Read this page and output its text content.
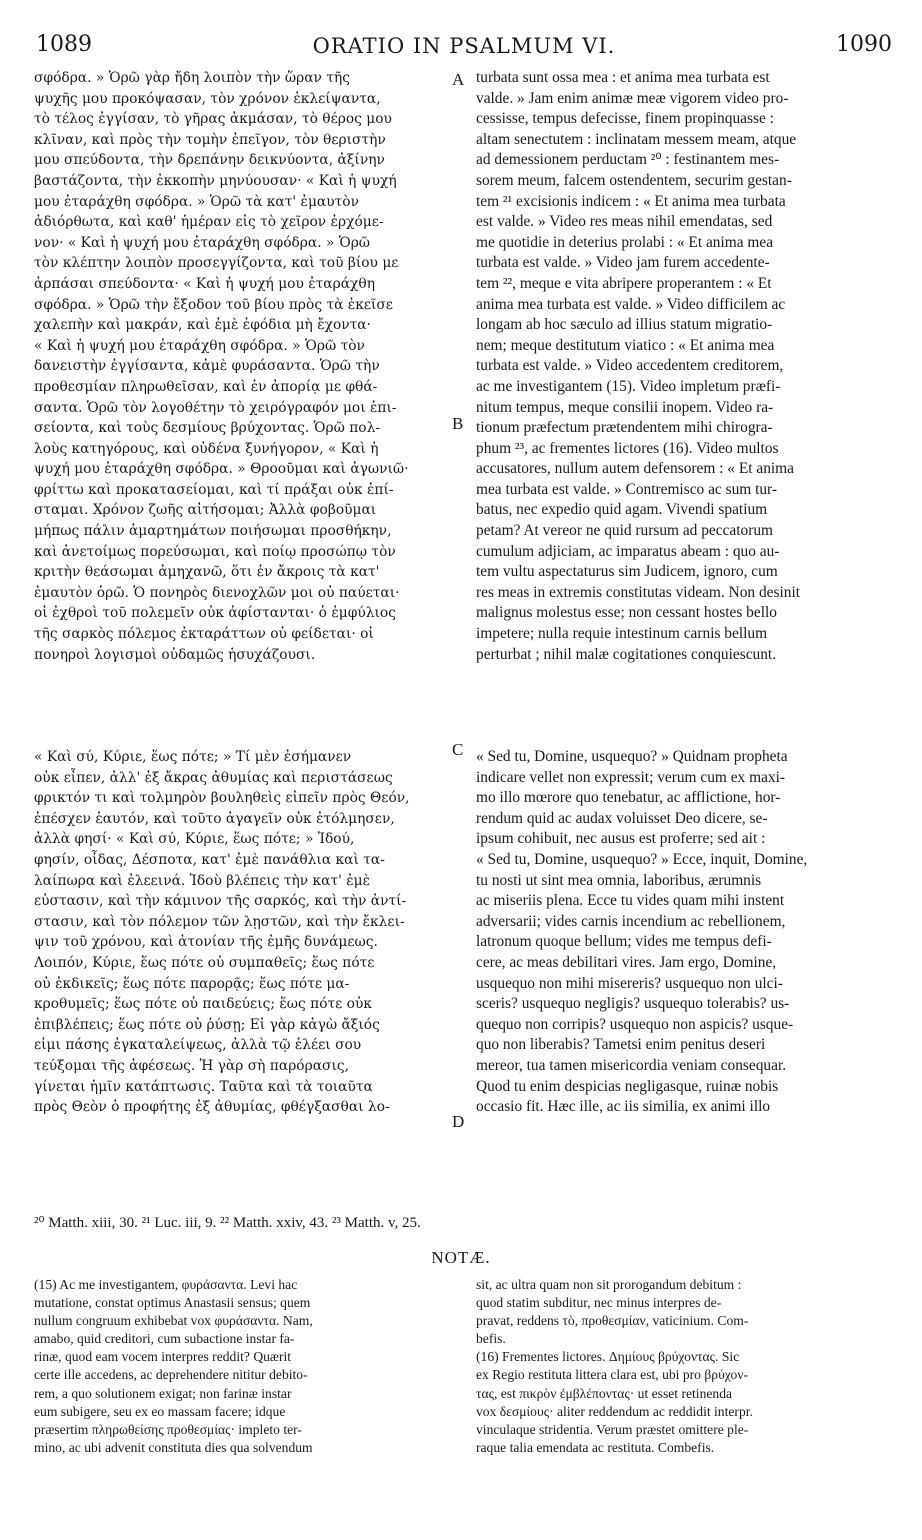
1089	ORATIO IN PSALMUM VI.	1090
σφόδρα. » Ὁρῶ γὰρ ἤδη λοιπὸν τὴν ὥραν τῆς
ψυχῆς μου προκόψασαν, τὸν χρόνον ἐκλείψαντα,
τὸ τέλος ἐγγίσαν, τὸ γῆρας ἀκμάσαν, τὸ θέρος μου
κλῖναν, καὶ πρὸς τὴν τομὴν ἐπεῖγον, τὸν θεριστὴν
μου σπεύδοντα, τὴν δρεπάνην δεικνύοντα, ἀξίνην
βαστάζοντα, τὴν ἐκκοπὴν μηνύουσαν· « Καὶ ἡ ψυχή
μου ἐταράχθη σφόδρα. » Ὁρῶ τὰ κατ' ἐμαυτὸν
ἀδιόρθωτα, καὶ καθ' ἡμέραν εἰς τὸ χεῖρον ἐρχόμε-
νον· « Καὶ ἡ ψυχή μου ἐταράχθη σφόδρα. » Ὁρῶ
τὸν κλέπτην λοιπὸν προσεγγίζοντα, καὶ τοῦ βίου με
ἁρπάσαι σπεύδοντα· « Καὶ ἡ ψυχή μου ἐταράχθη
σφόδρα. » Ὁρῶ τὴν ἔξοδον τοῦ βίου πρὸς τὰ ἐκεῖσε
χαλεπὴν καὶ μακράν, καὶ ἐμὲ ἐφόδια μὴ ἔχοντα·
« Καὶ ἡ ψυχή μου ἐταράχθη σφόδρα. » Ὁρῶ τὸν
δανειστὴν ἐγγίσαντα, κἀμὲ φυράσαντα. Ὁρῶ τὴν
προθεσμίαν πληρωθεῖσαν, καὶ ἐν ἀπορίᾳ με φθά-
σαντα. Ὁρῶ τὸν λογοθέτην τὸ χειρόγραφόν μοι ἐπι-
σείοντα, καὶ τοὺς δεσμίους βρύχοντας. Ὁρῶ πολ-
λοὺς κατηγόρους, καὶ οὐδένα ξυνήγορον, « Καὶ ἡ
ψυχή μου ἐταράχθη σφόδρα. » Θροοῦμαι καὶ ἀγωνιῶ·
φρίττω καὶ προκατασείομαι, καὶ τί πράξαι οὐκ ἐπί-
σταμαι. Χρόνον ζωῆς αἰτήσομαι; Ἀλλὰ φοβοῦμαι
μήπως πάλιν ἁμαρτημάτων ποιήσωμαι προσθήκην,
καὶ ἀνετοίμως πορεύσωμαι, καὶ ποίῳ προσώπῳ τὸν
κριτὴν θεάσωμαι ἀμηχανῶ, ὅτι ἐν ἄκροις τὰ κατ'
ἐμαυτὸν ὁρῶ. Ὁ πονηρὸς διενοχλῶν μοι οὐ παύεται·
οἱ ἐχθροὶ τοῦ πολεμεῖν οὐκ ἀφίστανται· ὁ ἐμφύλιος
τῆς σαρκὸς πόλεμος ἐκταράττων οὐ φείδεται· οἱ
πονηροὶ λογισμοὶ οὐδαμῶς ἡσυχάζουσι.
turbata sunt ossa mea : et anima mea turbata est
valde. » Jam enim animæ meæ vigorem video pro-
cessisse, tempus defecisse, finem propinquasse :
altam senectutem : inclinatam messem meam, atque
ad demessionem perductam ²⁰ : festinantem mes-
sorem meum, falcem ostendentem, securim gestan-
tem ²¹ excisionis indicem : « Et anima mea turbata
est valde. » Video res meas nihil emendatas, sed
me quotidie in deterius prolabi : « Et anima mea
turbata est valde. » Video jam furem accedente-
tem ²², meque e vita abripere properantem : « Et
anima mea turbata est valde. » Video difficilem ac
longam ab hoc sæculo ad illius statum migratio-
nem; meque destitutum viatico : « Et anima mea
turbata est valde. » Video accedentem creditorem,
ac me investigantem (15). Video impletum præfi-
nitum tempus, meque consilii inopem. Video ra-
tionum præfectum prætendentem mihi chirogra-
phum ²³, ac frementes lictores (16). Video multos
accusatores, nullum autem defensorem : « Et anima
mea turbata est valde. » Contremisco ac sum tur-
batus, nec expedio quid agam. Vivendi spatium
petam? At vereor ne quid rursum ad peccatorum
cumulum adjiciam, ac imparatus abeam : quo au-
tem vultu aspectaturus sim Judicem, ignoro, cum
res meas in extremis constitutas videam. Non desinit
malignus molestus esse; non cessant hostes bello
impetere; nulla requie intestinum carnis bellum
perturbat ; nihil malæ cogitationes conquiescunt.
« Καὶ σύ, Κύριε, ἕως πότε; » Τί μὲν ἐσήμανεν
οὐκ εἶπεν, ἀλλ' ἐξ ἄκρας ἀθυμίας καὶ περιστάσεως
φρικτόν τι καὶ τολμηρὸν βουληθεὶς εἰπεῖν πρὸς Θεόν,
ἐπέσχεν ἑαυτόν, καὶ τοῦτο ἀγαγεῖν οὐκ ἐτόλμησεν,
ἀλλὰ φησί· « Καὶ σύ, Κύριε, ἕως πότε; » Ἰδού,
φησίν, οἶδας, Δέσποτα, κατ' ἐμὲ πανάθλια καὶ τα-
λαίπωρα καὶ ἐλεεινά. Ἰδοὺ βλέπεις τὴν κατ' ἐμὲ
εὐστασιν, καὶ τὴν κάμινον τῆς σαρκός, καὶ τὴν ἀντί-
στασιν, καὶ τὸν πόλεμον τῶν λῃστῶν, καὶ τὴν ἔκλει-
ψιν τοῦ χρόνου, καὶ ἀτονίαν τῆς ἐμῆς δυνάμεως.
Λοιπόν, Κύριε, ἕως πότε οὐ συμπαθεῖς; ἕως πότε
οὐ ἐκδικεῖς; ἕως πότε παρορᾷς; ἕως πότε μα-
κροθυμεῖς; ἕως πότε οὐ παιδεύεις; ἕως πότε οὐκ
ἐπιβλέπεις; ἕως πότε οὐ ῥύσῃ; Εἰ γὰρ κἀγὼ ἄξιός
εἰμι πάσης ἐγκαταλείψεως, ἀλλὰ τῷ ἐλέει σου
τεύξομαι τῆς ἀφέσεως. Ἡ γὰρ σὴ παρόρασις,
γίνεται ἡμῖν κατάπτωσις. Ταῦτα καὶ τὰ τοιαῦτα
πρὸς Θεὸν ὁ προφήτης ἐξ ἀθυμίας, φθέγξασθαι λο-
« Sed tu, Domine, usquequo? » Quidnam propheta
indicare vellet non expressit; verum cum ex maxi-
mo illo mœrore quo tenebatur, ac afflictione, hor-
rendum quid ac audax voluisset Deo dicere, se-
ipsum cohibuit, nec ausus est proferre; sed ait :
« Sed tu, Domine, usquequo? » Ecce, inquit, Domine,
tu nosti ut sint mea omnia, laboribus, ærumnis
ac miseriis plena. Ecce tu vides quam mihi instent
adversarii; vides carnis incendium ac rebellionem,
latronum quoque bellum; vides me tempus defi-
cere, ac meas debilitari vires. Jam ergo, Domine,
usquequo non mihi misereris? usquequo non ulci-
sceris? usquequo negligis? usquequo tolerabis? us-
quequo non corripis? usquequo non aspicis? usque-
quo non liberabis? Tametsi enim penitus deseri
mereor, tua tamen misericordia veniam consequar.
Quod tu enim despicias negligasque, ruinæ nobis
occasio fit. Hæc ille, ac iis similia, ex animi illo
A
B
C
D
²⁰ Matth. xiii, 30. ²¹ Luc. iii, 9. ²² Matth. xxiv, 43. ²³ Matth. v, 25.
NOTÆ.
(15) Ac me investigantem, φυράσαντα. Levi hac
mutatione, constat optimus Anastasii sensus; quem
nullum congruum exhibebat vox φυράσαντα. Nam,
amabo, quid creditori, cum subactione instar fa-
rinæ, quod eam vocem interpres reddit? Quærit
certe ille accedens, ac deprehendere nititur debito-
rem, a quo solutionem exigat; non farinæ instar
eum subigere, seu ex eo massam facere; idque
præsertim πληρωθείσης προθεσμίας· impleto ter-
mino, ac ubi advenit constituta dies qua solvendum
sit, ac ultra quam non sit prorogandum debitum :
quod statim subditur, nec minus interpres de-
pravat, reddens τὸ, προθεσμίαν, vaticinium. Com-
befis.
(16) Frementes lictores. Δημίους βρύχοντας. Sic
ex Regio restituta littera clara est, ubi pro βρύχον-
τας, est πικρὸν ἐμβλέποντας· ut esset retinenda
vox δεσμίους· aliter reddendum ac reddidit interpr.
vinculaque stridentia. Verum præstet omittere ple-
raque talia emendata ac restituta. Combefis.
